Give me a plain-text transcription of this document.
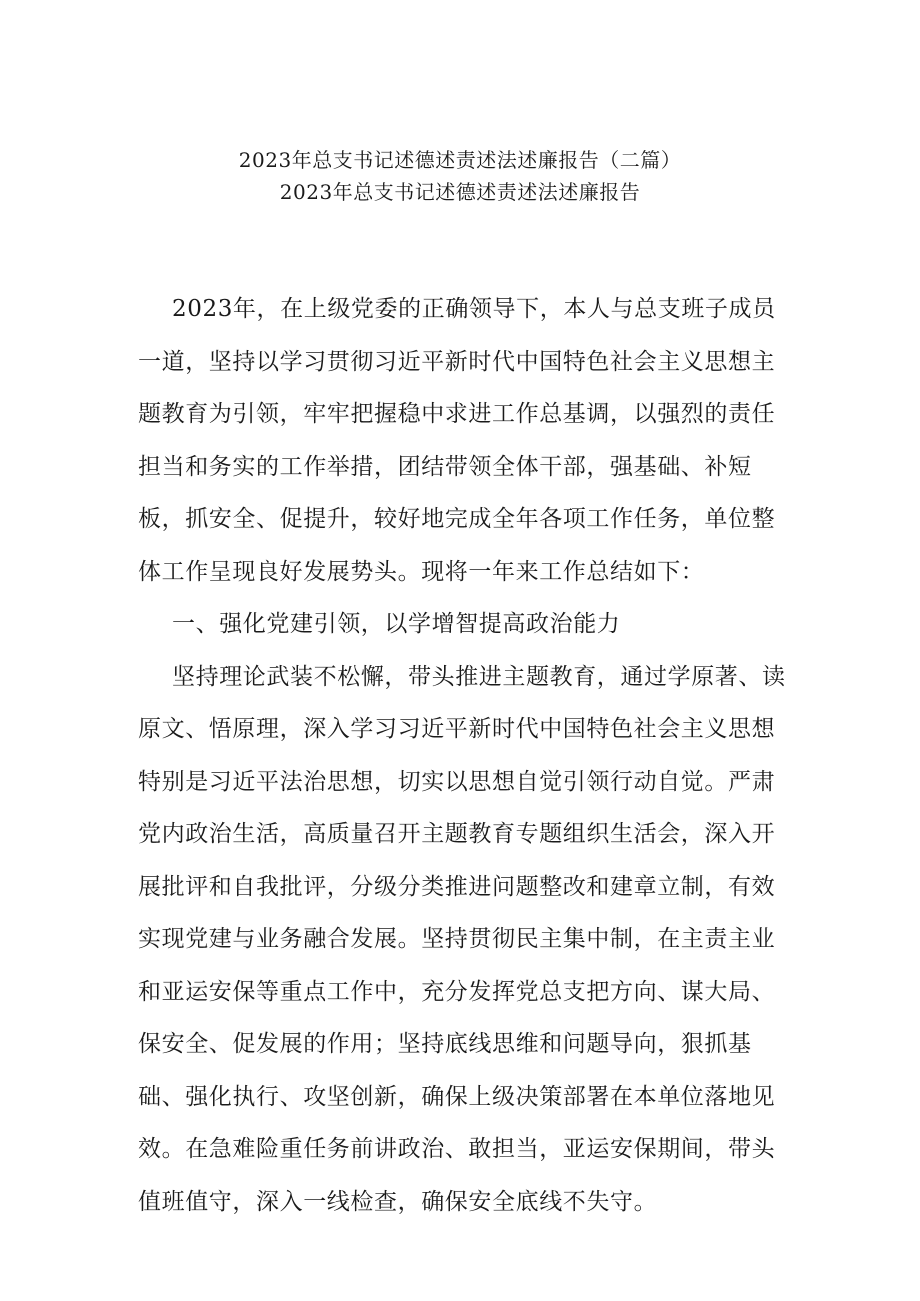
2023年总支书记述德述责述法述廉报告（二篇）
2023年总支书记述德述责述法述廉报告
2023年，在上级党委的正确领导下，本人与总支班子成员
一道，坚持以学习贯彻习近平新时代中国特色社会主义思想主
题教育为引领，牢牢把握稳中求进工作总基调，以强烈的责任
担当和务实的工作举措，团结带领全体干部，强基础、补短
板，抓安全、促提升，较好地完成全年各项工作任务，单位整
体工作呈现良好发展势头。现将一年来工作总结如下：
一、强化党建引领，以学增智提高政治能力
坚持理论武装不松懈，带头推进主题教育，通过学原著、读
原文、悟原理，深入学习习近平新时代中国特色社会主义思想
特别是习近平法治思想，切实以思想自觉引领行动自觉。严肃
党内政治生活，高质量召开主题教育专题组织生活会，深入开
展批评和自我批评，分级分类推进问题整改和建章立制，有效
实现党建与业务融合发展。坚持贯彻民主集中制，在主责主业
和亚运安保等重点工作中，充分发挥党总支把方向、谋大局、
保安全、促发展的作用；坚持底线思维和问题导向，狠抓基
础、强化执行、攻坚创新，确保上级决策部署在本单位落地见
效。在急难险重任务前讲政治、敢担当，亚运安保期间，带头
值班值守，深入一线检查，确保安全底线不失守。
